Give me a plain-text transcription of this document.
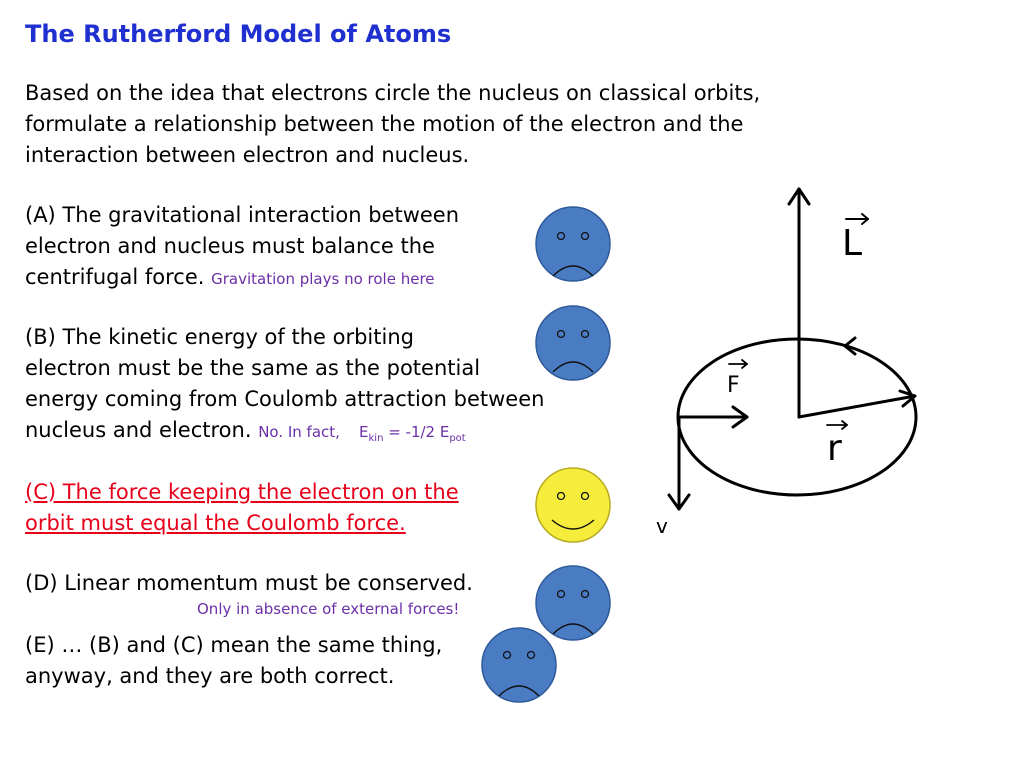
The Rutherford Model of Atoms
Based on the idea that electrons circle the nucleus on classical orbits,
formulate a relationship between the motion of the electron and the
interaction between electron and nucleus.
(A) The gravitational interaction between
electron and nucleus must balance the
centrifugal force. Gravitation plays no role here
(B) The kinetic energy of the orbiting
electron must be the same as the potential
energy coming from Coulomb attraction between
nucleus and electron. No. In fact, $E_{kin} = -1/2$ $E_{pot}$
(C) The force keeping the electron on the
orbit must equal the Coulomb force.
(D) Linear momentum must be conserved.
Only in absence of external forces!
(E) … (B) and (C) mean the same thing,
anyway, and they are both correct.
L
F
r
v
